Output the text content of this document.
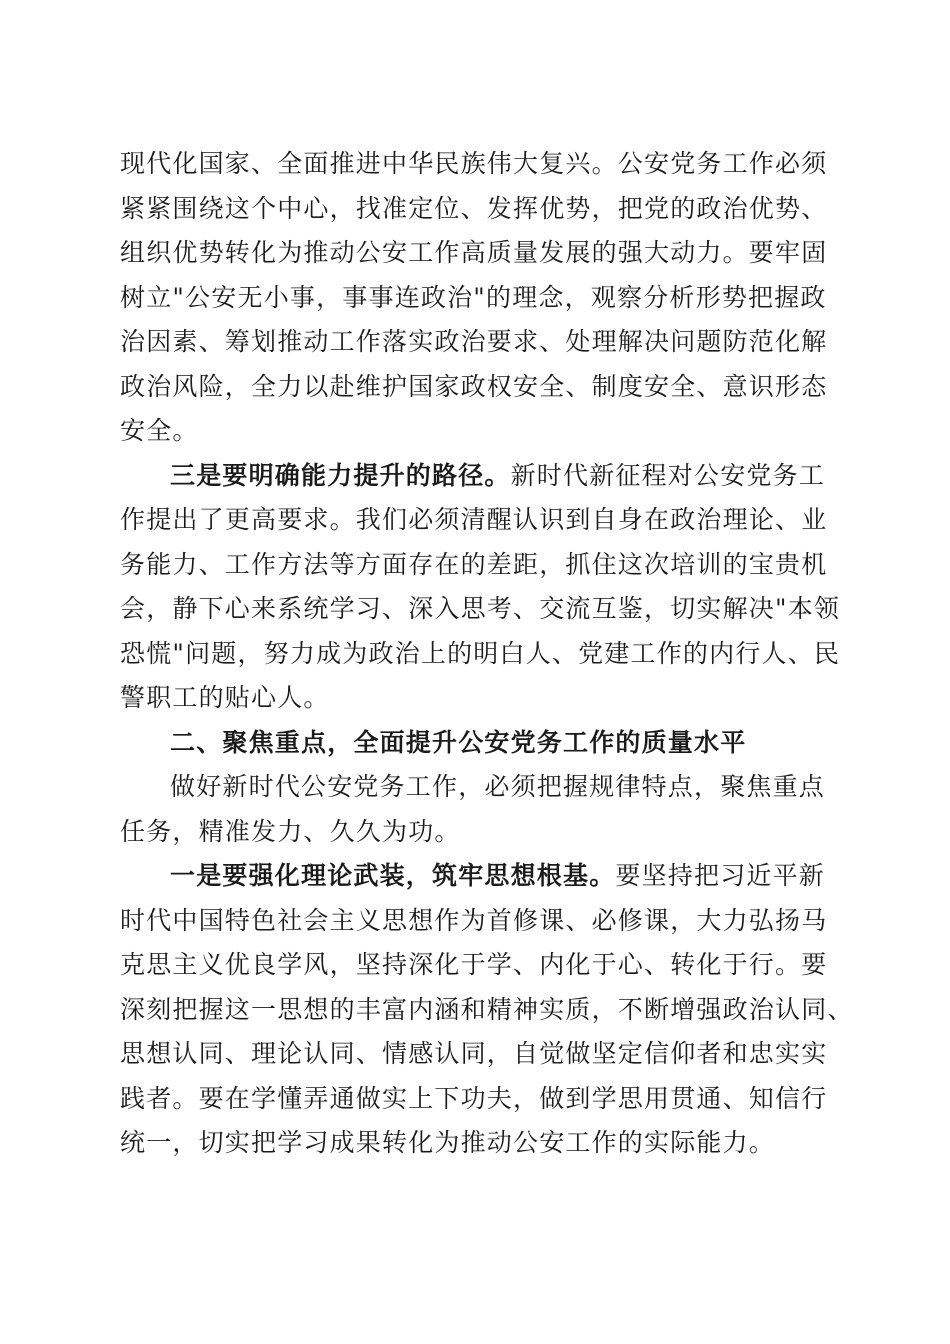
现代化国家、全面推进中华民族伟大复兴。公安党务工作必须
紧紧围绕这个中心，找准定位、发挥优势，把党的政治优势、
组织优势转化为推动公安工作高质量发展的强大动力。要牢固
树立"公安无小事，事事连政治"的理念，观察分析形势把握政
治因素、筹划推动工作落实政治要求、处理解决问题防范化解
政治风险，全力以赴维护国家政权安全、制度安全、意识形态
安全。

三是要明确能力提升的路径。新时代新征程对公安党务工
作提出了更高要求。我们必须清醒认识到自身在政治理论、业
务能力、工作方法等方面存在的差距，抓住这次培训的宝贵机
会，静下心来系统学习、深入思考、交流互鉴，切实解决"本领
恐慌"问题，努力成为政治上的明白人、党建工作的内行人、民
警职工的贴心人。

二、聚焦重点，全面提升公安党务工作的质量水平

做好新时代公安党务工作，必须把握规律特点，聚焦重点
任务，精准发力、久久为功。

一是要强化理论武装，筑牢思想根基。要坚持把习近平新
时代中国特色社会主义思想作为首修课、必修课，大力弘扬马
克思主义优良学风，坚持深化于学、内化于心、转化于行。要
深刻把握这一思想的丰富内涵和精神实质，不断增强政治认同、
思想认同、理论认同、情感认同，自觉做坚定信仰者和忠实实
践者。要在学懂弄通做实上下功夫，做到学思用贯通、知信行
统一，切实把学习成果转化为推动公安工作的实际能力。
